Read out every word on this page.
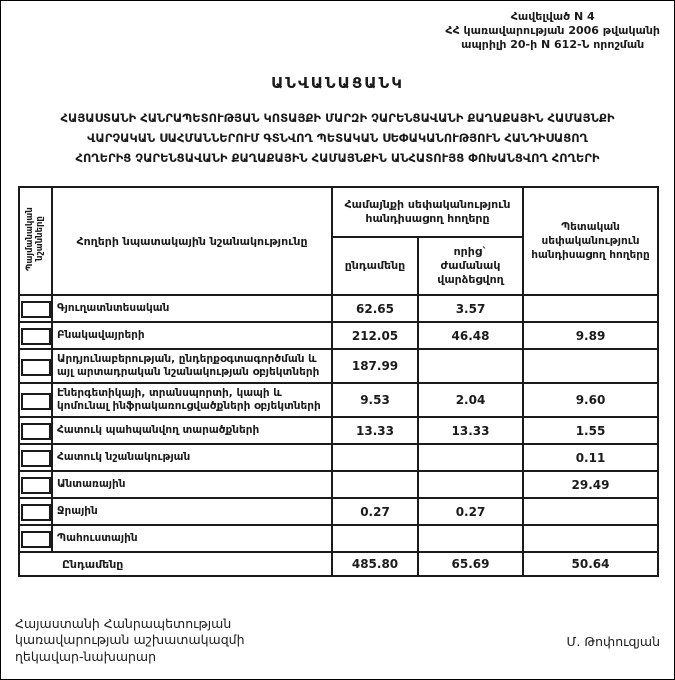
Հավելված N 4
ՀՀ կառավարության 2006 թվականի
ապրիլի 20-ի N 612-Ն որոշման
ԱՆՎԱՆԱՑԱՆԿ
ՀԱՅԱՍՏԱՆԻ ՀԱՆՐԱՊԵՏՈՒԹՅԱՆ ԿՈՏԱՅՔԻ ՄԱՐԶԻ ՉԱՐԵՆՑԱՎԱՆԻ ՔԱՂԱՔԱՅԻՆ ՀԱՄԱՅՆՔԻ
ՎԱՐՉԱԿԱՆ ՍԱՀՄԱՆՆԵՐՈՒՄ ԳՏՆՎՈՂ ՊԵՏԱԿԱՆ ՍԵՓԱԿԱՆՈՒԹՅՈՒՆ ՀԱՆԴԻՍԱՑՈՂ
ՀՈՂԵՐԻՑ ՉԱՐԵՆՑԱՎԱՆԻ ՔԱՂԱՔԱՅԻՆ ՀԱՄԱՅՆՔԻՆ ԱՆՀԱՏՈՒՅՑ ՓՈԽԱՆՑՎՈՂ ՀՈՂԵՐԻ
Պայմանական նշանները	Հողերի նպատակային նշանակությունը	Համայնքի սեփականություն հանդիսացող հողերը		Պետական սեփականություն հանդիսացող հողերը
		ընդամենը	որից` ժամանակ վարձեցվող	
	Գյուղատնտեսական	62.65	3.57	
	Բնակավայրերի	212.05	46.48	9.89
	Արդյունաբերության, ընդերքօգտագործման և այլ արտադրական նշանակության օբյեկտների	187.99		
	Էներգետիկայի, տրանսպորտի, կապի և կոմունալ ինֆրակառուցվածքների օբյեկտների	9.53	2.04	9.60
	Հատուկ պահպանվող տարածքների	13.33	13.33	1.55
	Հատուկ նշանակության			0.11
	Անտառային			29.49
	Ջրային	0.27	0.27	
	Պահուստային			
Ընդամենը		485.80	65.69	50.64
Հայաստանի Հանրապետության
կառավարության աշխատակազմի
ղեկավար-նախարար
Մ. Թոփուզյան
